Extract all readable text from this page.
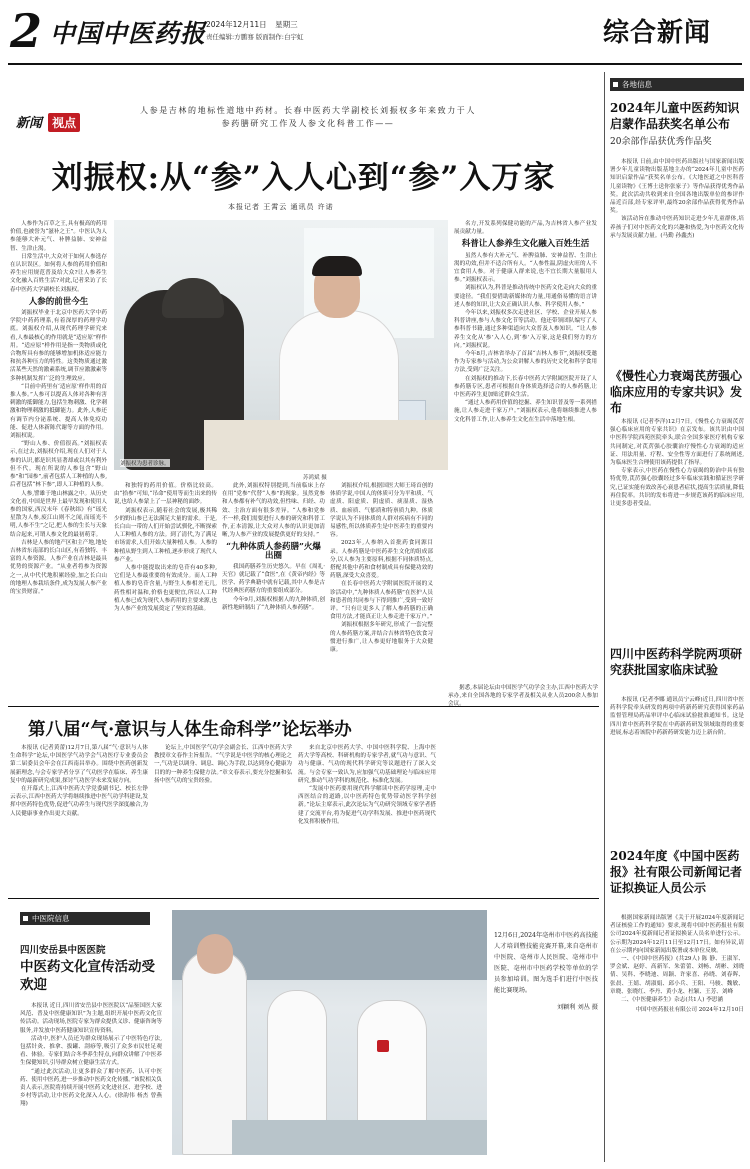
2 中国中医药报 2024年12月11日 星期三
责任编辑:方鹏骞 版面制作:白宇虹	综合新闻
新闻 视点
人参是吉林的地标性道地中药材。长春中医药大学副校长刘振权多年来致力于人参药膳研究工作及人参文化科普工作——
刘振权:从“参”入人心到“参”入万家
本报记者 王霄云 通讯员 许诺

人参作为百草之王,具有极高的药用价值,也被誉为“滋补之王”。中医认为人参能够大补元气、补脾益肺、安神益智、生津止渴。

日常生活中,大众对于如何人参选存在认识误区。如何将人参的药用价值和养生应用规范普及给大众?让人参养生文化融入百姓生活?对此,记者采访了长春中医药大学副校长刘振权。

人参的前世今生

刘振权毕业于北京中医药大学中药学院中药药理系,有着深厚的药理学功底。刘振权介绍,从现代药理学研究来看,人参最核心的作用就是“适应原”样作用。“适应原”样作用是指一类物质或化合物所具有参的能够增加机体适应能力和抗各种压力的特性。这类物质通过激活某些天然的激素系统,调节应激激素等多种机制发挥广泛的生理效应。

“目前中药里有‘适应原’样作用的首推人参。”人参可以提高人体对各种有害刺激的抵御能力,包括生物刺激、化学刺激和物理刺激的抵御能力。此外,人参还有调节内分泌系统、提高人体免疫功能、促进人体新陈代谢等方面的作用。刘振权说。

“野山人参、价值很高。”刘振权表示,在过去,刘振权介绍,现在人们对于人参的认识,都是识其显著却或以其有利外但不代。现在所说的人参包含“野山参”和“园参”,前者包括人工种植的人参,后者包括“林下参”,即人工种植的人参。

人参,譬雄于地山林露之中。从历史文化看,中国是世界上最早发现和使用人参的国家,西汉末年《春秋纬》有“瑶光星散为人参,废江山则不之闻,而瑶光不明,人参不生”之记,把人参的生长与天象结合起来,可谓人参文化的最初萌芽。

吉林是人参的地产区和主产地,地处吉林省东南部的长白山区,有着独特、丰富的人参资源。人参产业在吉林是最具优势的资源产业。“从业者将参为资源之一,从中代代地积累经验,加之长白山的地理人参栽培条件,成为发展人参产业的宝贵财富。”

刘振权为患者诊脉。
苏鸿斌 摄

和独特的药用价值。价格比较高。由“拾参”可知,“吊命”使用等而生出来的传说,也给人参蒙上了一层神秘的面纱。

刘振权表示,随着社会的发展,极其稀少的野山参已无法满足大量的需求。于是,长白山一带的人们开始尝试驯化,不断探索人工种植人参的方法。到了清代,为了满足市场需求,人们开始大量种植人参。人参的种植从野生到人工种植,逐步形成了现代人参产业。

人参中能提取出来的皂苷有40多种,它们是人参最重要的有效成分。而人工种植人参的皂苷含量,与野生人参相差无几,药性相对温和,价格也更便宜,所以人工种植人参已成为现代人参药用的主要来源,也为人参产业的发展奠定了坚实的基础。

此外,刘振权特别提到,当前临床上存在用“党参”代替“人参”的现象。虽然党参和人参都有补气的功效,但性味、归经、功效、主治方面有很多差异。“人参和党参不一样,我们需要进行人参的研究和科普工作,正本清源,让大众对人参的认识更加清晰,为人参产业的发展提供更好的支持。”

“九种体质人参药膳”火爆出圈

我国药膳养生历史悠久。早在《周礼·天官》就记载了“食医”,在《黄帝内经》等医学、药学典籍中就有记载,其中人参是古代经典医药膳方的重要组成部分。

今年9月,刘振权根据人的九种体质,创新性地研制出了“九种体质人参药膳”。

刘振权介绍,根据国医大师王琦首创的体质学说,中国人的体质可分为平和质、气虚质、阳虚质、阴虚质、痰湿质、湿热质、血瘀质、气郁质和特禀质九种。体质学说认为不同体质的人群对疾病有不同的易感性,所以体质养生是中医养生的重要内容。

2023年,人参纳入首批药食同源目录。人参药膳是中医药养生文化的组成部分,以人参为主要原料,根据不同体质特点,搭配其他中药和食材制成具有保健功效的药膳,深受大众喜爱。

在长春中医药大学附属医院开展的义诊活动中,“九种体质人参药膳”在医护人员和患者的共同参与下得到推广,受到一致好评。“只有让更多人了解人参药膳的正确食用方法,才能真正让人参走进千家万户。”

刘振权根据多年研究,形成了一套完整的人参药膳方案,并结合吉林省特色饮食习惯进行推广,让人参更好地服务于大众健康。

名方,开发系列保健功能的产品,为吉林省人参产业发展贡献力量。

科普让人参养生文化融入百姓生活

虽然人参有大补元气、补脾益肺、安神益智、生津止渴的功效,但并不适合所有人。“人参性温,阴虚火旺的人不宜食用人参。对于健康人群来说,也不宜长期大量服用人参。”刘振权表示。

刘振权认为,科普是推动传统中医药文化走向大众的重要途径。“我们要借助新媒体的力量,用通俗易懂的语言讲述人参的知识,让大众正确认识人参、科学使用人参。”

今年以来,刘振权多次走进社区、学校、企业开展人参科普讲座,参与人参文化节等活动。他还带领团队编写了人参科普书籍,通过多种渠道向大众普及人参知识。“让人参养生文化从‘参’入人心,到‘参’入万家,这是我们努力的方向。”刘振权说。

今年8月,吉林省举办了首届“吉林人参节”,刘振权受邀作为专家参与活动,为公众讲解人参的历史文化和科学食用方法,受到广泛关注。

在刘振权的推动下,长春中医药大学附属医院开设了人参药膳专区,患者可根据自身体质选择适合的人参药膳,让中医药养生更加贴近群众生活。

“通过人参药用价值的挖掘、养生知识普及等一系列措施,让人参走进千家万户。”刘振权表示,他将继续推进人参文化科普工作,让人参养生文化在生活中落地生根。

各地信息
2024年儿童中医药知识启蒙作品获奖名单公布
20余部作品获优秀作品奖

本报讯 日前,由中国中医药出版社与国家新闻出版署少年儿童读物出版基地主办的“2024年儿童中医药知识启蒙作品”获奖名单公布。《大地医道之中医科普儿童读物》《王博士送你张家子》等作品获得优秀作品奖。此次活动共收到来自全国各地出版单位的参评作品近百部,经专家评审,最终20余部作品获得优秀作品奖。

该活动旨在推动中医药知识走进少年儿童群体,培养孩子们对中医药文化的兴趣和热爱,为中医药文化传承与发展贡献力量。(马勤 孙鑫杰)

《慢性心力衰竭芪苈强心临床应用的专家共识》发布

本报讯 (记者李洋)12月7日,《慢性心力衰竭芪苈强心临床应用的专家共识》在京发布。该共识由中国中医科学院西苑医院牵头,联合全国多家医疗机构专家共同制定,对芪苈强心胶囊治疗慢性心力衰竭的适应证、用法用量、疗程、安全性等方面进行了系统阐述,为临床医生合理使用该药提供了指导。

专家表示,中医药在慢性心力衰竭的防治中具有独特优势,芪苈强心胶囊经过多年临床实践和循证医学研究,已证实能有效改善心衰患者症状,提高生活质量,降低再住院率。共识的发布将进一步规范该药的临床应用,让更多患者受益。

四川中医药科学院两项研究获批国家临床试验

本报讯 (记者李娜 通讯员宁云峰)近日,四川省中医药科学院牵头研发的两项中药新药研究获得国家药品监督管理局药品审评中心临床试验批准通知书。这是四川省中医药科学院在中药新药研发领域取得的重要进展,标志着该院中药新药研发能力迈上新台阶。

2024年度《中国中医药报》社有限公司新闻记者证拟换证人员公示

根据国家新闻出版署《关于开展2024年度新闻记者证核验工作的通知》要求,现将中国中医药报社有限公司2024年度新闻记者证拟换证人员名单进行公示。公示期为2024年12月11日至12月17日。如有异议,请在公示期内向国家新闻出版署或本单位反映。

一、《中国中医药报》(共29人) 陈 静、王淑军、罗会斌、赵婷、高新军、朱蕾蕾、刘畅、胡彬、刘晓倩、吴科、李晓迪、周颖、许家喜、孙晓、刘春晖、张晨、王婧、胡淑娟、邱小兵、王阳、马骏、魏敏、章晓、张晓红、李丹、黄小龙、杜颖、王芳、刘峰

二、《中医健康养生》杂志(共1人) 李思涵

中国中医药报社有限公司 2024年12月10日
第八届“气·意识与人体生命科学”论坛举办

本报讯 (记者黄蕾)12月7日,第八届“气·意识与人体生命科学”论坛,中国医学气功学会气功医疗专业委员会第二届委员会年会在江西南昌举办。围绕中医药创新发展新理念,与会专家学者分享了气功医学在临床、养生康复中的最新研究成果,探讨气功医学未来发展方向。

在开幕式上,江西中医药大学党委副书记、校长左铮云表示,江西中医药大学将继续推进中医气功学科建设,发挥中医药特色优势,促进气功养生与现代医学深度融合,为人民健康事业作出更大贡献。

论坛上,中国医学气功学会副会长、江西中医药大学教授章文春作主旨报告。“气学说是中医学的核心理论之一,气功是以调身、调息、调心为手段,以达到身心健康为目的的一种养生保健方法。”章文春表示,要充分挖掘和弘扬中医气功的宝贵经验。

来自北京中医药大学、中国中医科学院、上海中医药大学等高校、科研机构的专家学者,就气功与意识、气功与健康、气功的现代科学研究等议题进行了深入交流。与会专家一致认为,应加强气功基础理论与临床应用研究,推动气功学科的规范化、标准化发展。

“发展中医药要用现代科学解读中医药学原理,走中西医结合的道路,以中医药特色优势带动医学科学创新。”论坛主席表示,此次论坛为气功研究领域专家学者搭建了交流平台,将为促进气功学科发展、推进中医药现代化发挥积极作用。

据悉,本届论坛由中国医学气功学会主办,江西中医药大学承办,来自全国各地的专家学者及相关从业人员200余人参加会议。

中医院信息
四川安岳县中医医院
中医药文化宣传活动受欢迎

本报讯 近日,四川省安岳县中医医院以“品鉴国医大家风范、普及中医健康知识”为主题,组织开展中医药文化宣传活动。活动现场,医院专家为群众提供义诊、健康咨询等服务,并发放中医药健康知识宣传资料。

活动中,医护人员还为群众现场展示了中医特色疗法,包括针灸、推拿、拔罐、刮痧等,吸引了众多市民驻足观看、体验。专家们结合冬季养生特点,向群众讲解了中医养生保健知识,引导群众树立健康生活方式。

“通过此次活动,让更多群众了解中医药、认可中医药、使用中医药,进一步推动中医药文化传播。”该院相关负责人表示,医院将持续开展中医药文化进社区、进学校、进乡村等活动,让中医药文化深入人心。(徐韵伟 杨杰 曾燕翔)

12月6日,2024年亳州市中医药高技能人才培训暨技能竞赛开幕,来自亳州市中医院、亳州市人民医院、亳州市中医院、亳州市中医药学校等单位的学员参加培训。图为选手们进行中医技能比赛现场。
刘颖利 刘丛 摄
